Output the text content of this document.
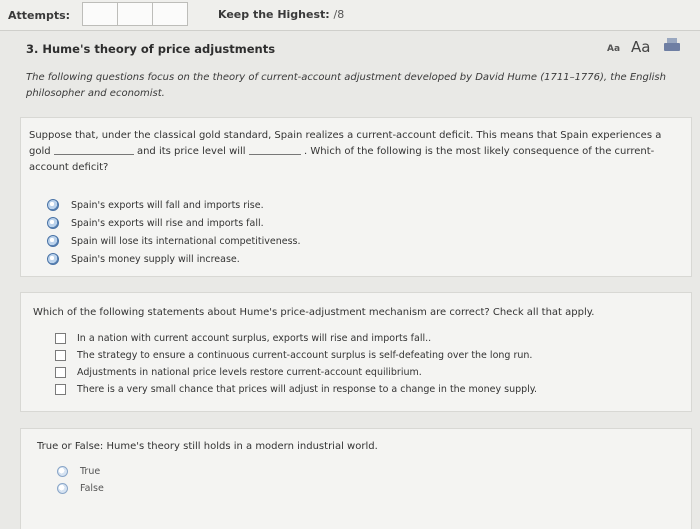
Attempts:	Keep the Highest: /8
3. Hume's theory of price adjustments	Aa Aa
The following questions focus on the theory of current-account adjustment developed by David Hume (1711–1776), the English philosopher and economist.
Suppose that, under the classical gold standard, Spain realizes a current-account deficit. This means that Spain experiences a gold	and its price level will	. Which of the following is the most likely consequence of the current-account deficit?
Spain's exports will fall and imports rise.
Spain's exports will rise and imports fall.
Spain will lose its international competitiveness.
Spain's money supply will increase.
Which of the following statements about Hume's price-adjustment mechanism are correct? Check all that apply.
In a nation with current account surplus, exports will rise and imports fall..
The strategy to ensure a continuous current-account surplus is self-defeating over the long run.
Adjustments in national price levels restore current-account equilibrium.
There is a very small chance that prices will adjust in response to a change in the money supply.
True or False: Hume's theory still holds in a modern industrial world.
True
False
